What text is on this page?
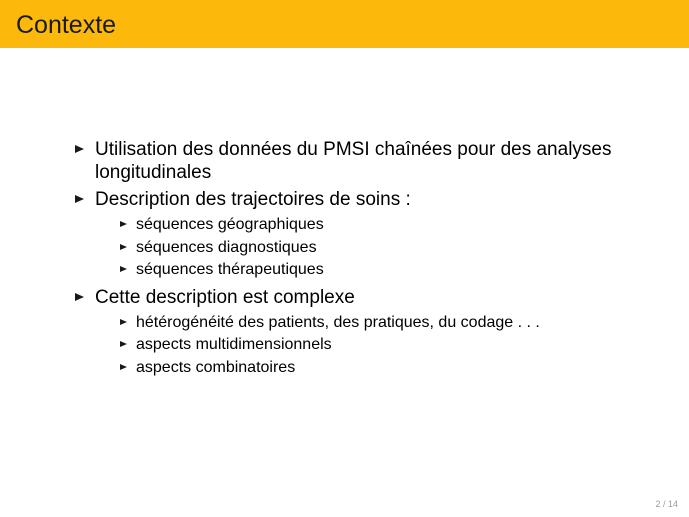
Contexte
Utilisation des données du PMSI chaînées pour des analyses longitudinales
Description des trajectoires de soins :
séquences géographiques
séquences diagnostiques
séquences thérapeutiques
Cette description est complexe
hétérogénéité des patients, des pratiques, du codage . . .
aspects multidimensionnels
aspects combinatoires
2 / 14
